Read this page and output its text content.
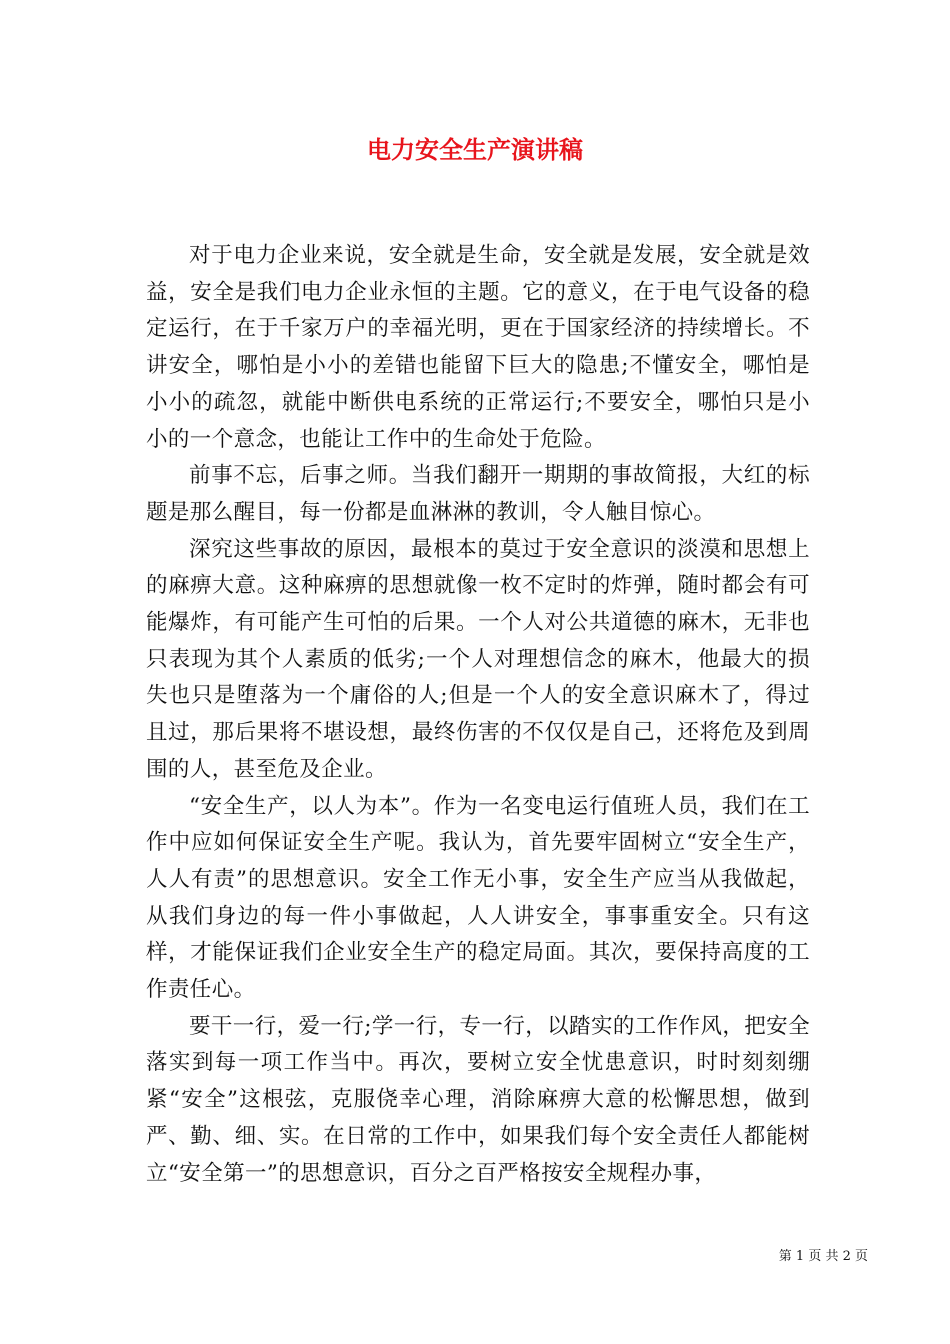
电力安全生产演讲稿

对于电力企业来说，安全就是生命，安全就是发展，安全就是效益，安全是我们电力企业永恒的主题。它的意义，在于电气设备的稳定运行，在于千家万户的幸福光明，更在于国家经济的持续增长。不讲安全，哪怕是小小的差错也能留下巨大的隐患;不懂安全，哪怕是小小的疏忽，就能中断供电系统的正常运行;不要安全，哪怕只是小小的一个意念，也能让工作中的生命处于危险。

前事不忘，后事之师。当我们翻开一期期的事故简报，大红的标题是那么醒目，每一份都是血淋淋的教训，令人触目惊心。

深究这些事故的原因，最根本的莫过于安全意识的淡漠和思想上的麻痹大意。这种麻痹的思想就像一枚不定时的炸弹，随时都会有可能爆炸，有可能产生可怕的后果。一个人对公共道德的麻木，无非也只表现为其个人素质的低劣;一个人对理想信念的麻木，他最大的损失也只是堕落为一个庸俗的人;但是一个人的安全意识麻木了，得过且过，那后果将不堪设想，最终伤害的不仅仅是自己，还将危及到周围的人，甚至危及企业。

“安全生产，以人为本”。作为一名变电运行值班人员，我们在工作中应如何保证安全生产呢。我认为，首先要牢固树立“安全生产，人人有责”的思想意识。安全工作无小事，安全生产应当从我做起，从我们身边的每一件小事做起，人人讲安全，事事重安全。只有这样，才能保证我们企业安全生产的稳定局面。其次，要保持高度的工作责任心。

要干一行，爱一行;学一行，专一行，以踏实的工作作风，把安全落实到每一项工作当中。再次，要树立安全忧患意识，时时刻刻绷紧“安全”这根弦，克服侥幸心理，消除麻痹大意的松懈思想，做到严、勤、细、实。在日常的工作中，如果我们每个安全责任人都能树立“安全第一”的思想意识，百分之百严格按安全规程办事，

第 1 页 共 2 页
